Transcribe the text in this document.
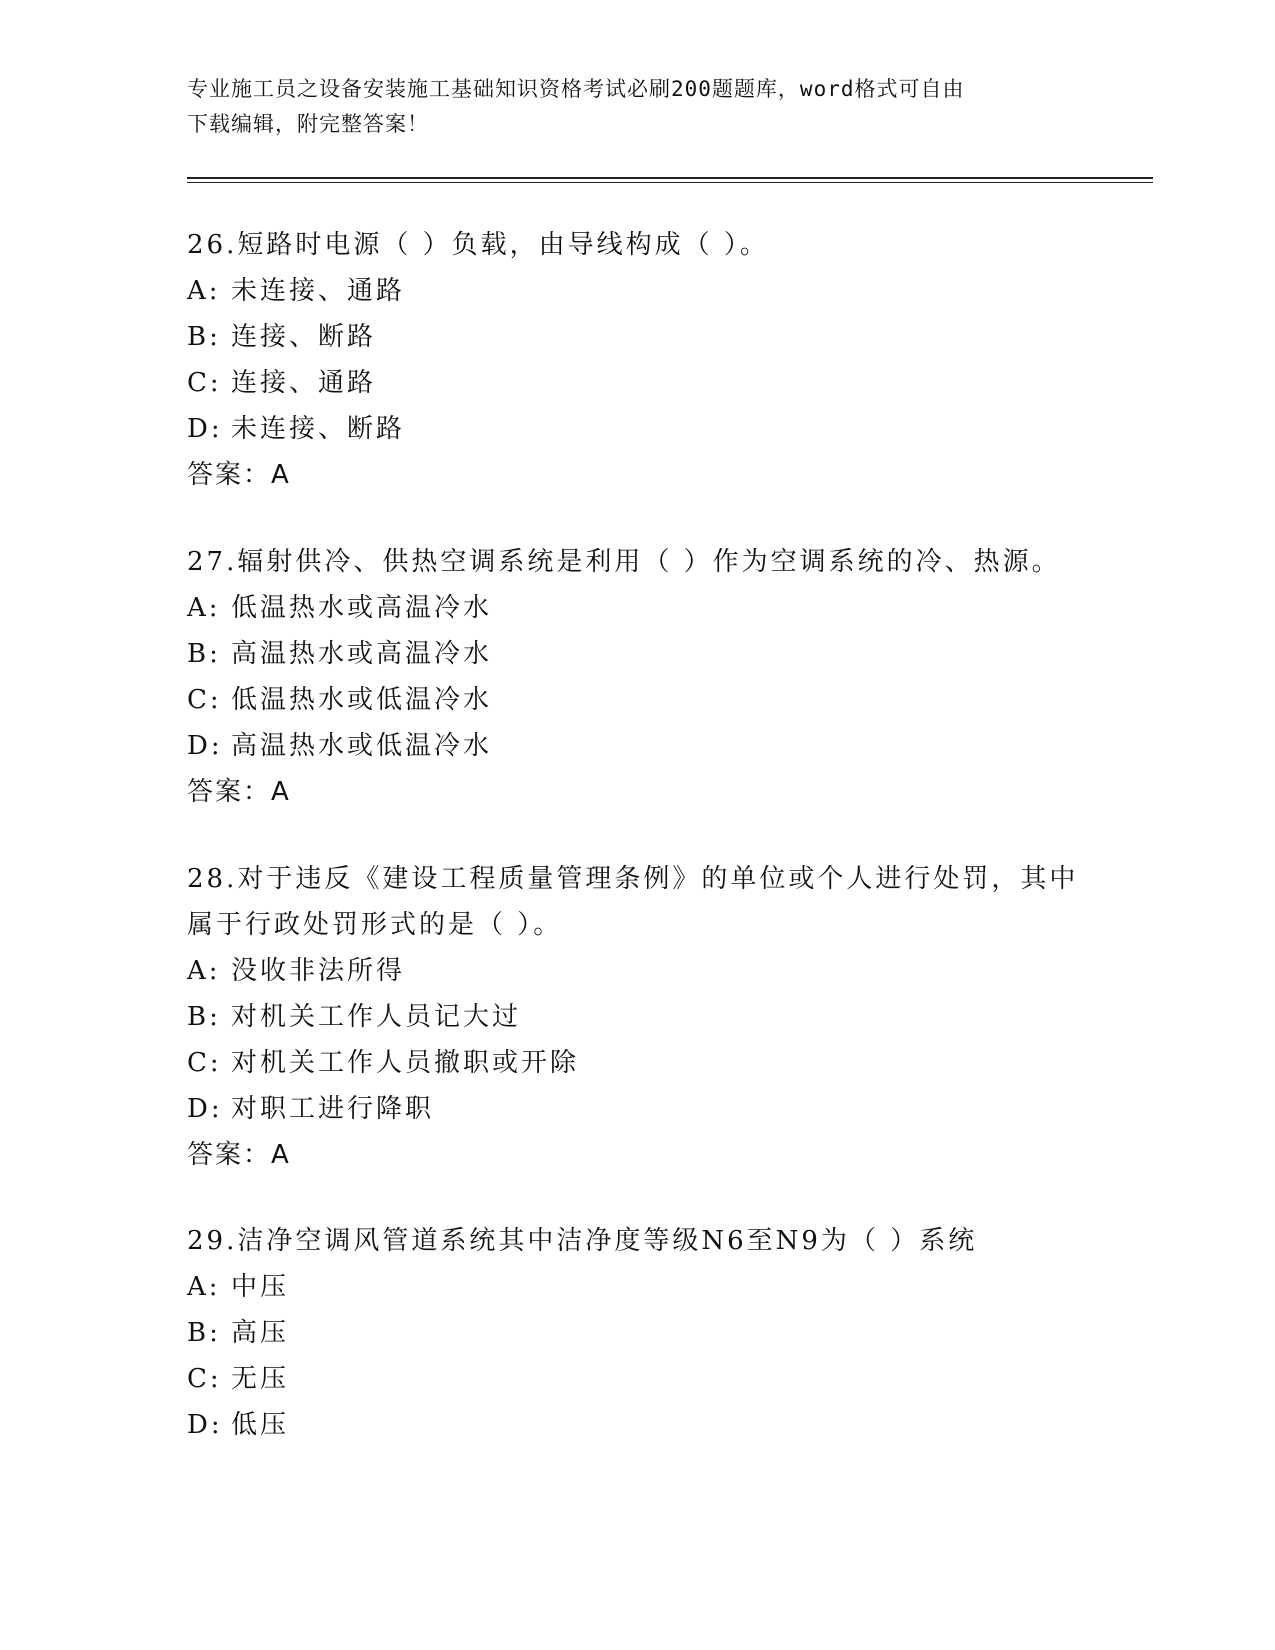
专业施工员之设备安装施工基础知识资格考试必刷200题题库，word格式可自由
下载编辑，附完整答案！
26.短路时电源（ ）负载，由导线构成（ ）。
A: 未连接、通路
B: 连接、断路
C: 连接、通路
D: 未连接、断路
答案：A
27.辐射供冷、供热空调系统是利用（ ）作为空调系统的冷、热源。
A: 低温热水或高温冷水
B: 高温热水或高温冷水
C: 低温热水或低温冷水
D: 高温热水或低温冷水
答案：A
28.对于违反《建设工程质量管理条例》的单位或个人进行处罚，其中
属于行政处罚形式的是（ ）。
A: 没收非法所得
B: 对机关工作人员记大过
C: 对机关工作人员撤职或开除
D: 对职工进行降职
答案：A
29.洁净空调风管道系统其中洁净度等级N6至N9为（ ）系统
A: 中压
B: 高压
C: 无压
D: 低压
